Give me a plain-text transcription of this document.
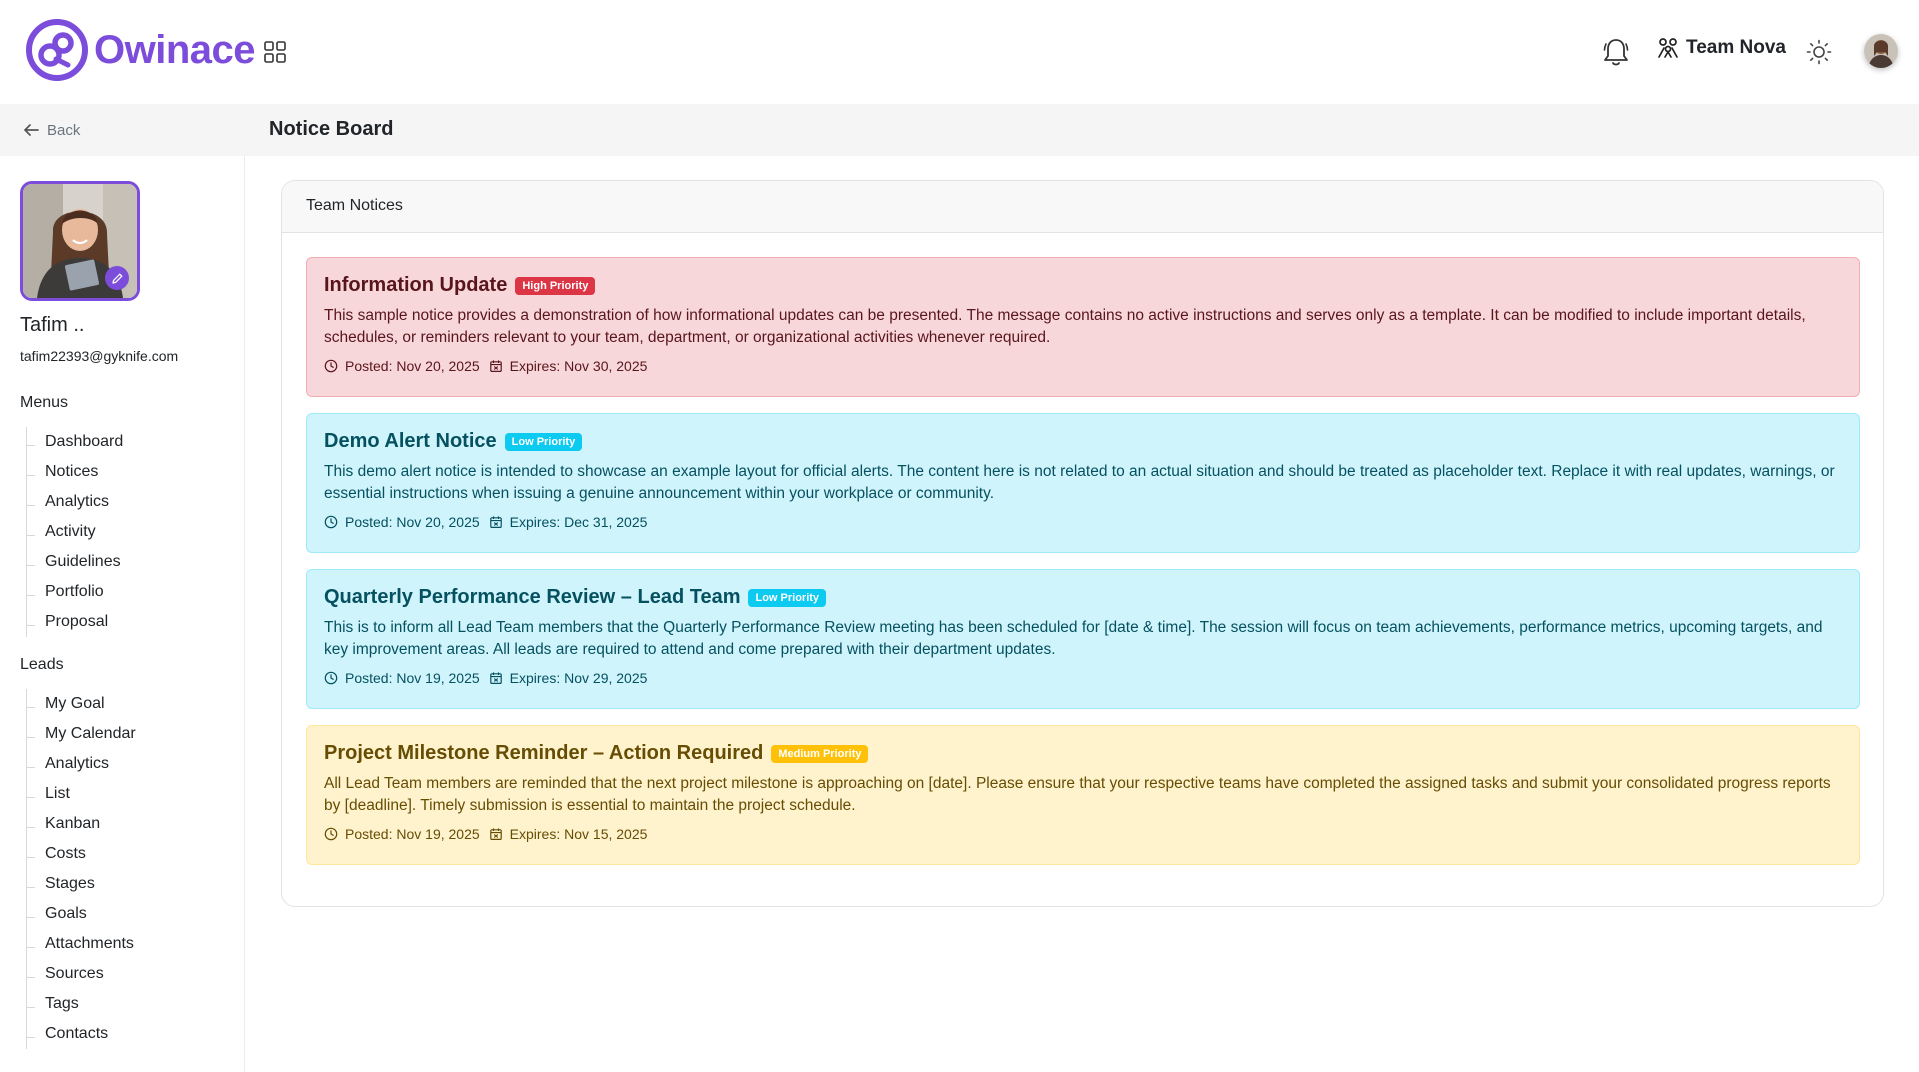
Owinace	Team Nova
Back	Notice Board
Tafim ..
tafim22393@gyknife.com
Menus
Dashboard
Notices
Analytics
Activity
Guidelines
Portfolio
Proposal
Leads
My Goal
My Calendar
Analytics
List
Kanban
Costs
Stages
Goals
Attachments
Sources
Tags
Contacts
Team Notices
Information Update	High Priority
This sample notice provides a demonstration of how informational updates can be presented. The message contains no active instructions and serves only as a template. It can be modified to include important details, schedules, or reminders relevant to your team, department, or organizational activities whenever required.
Posted: Nov 20, 2025 Expires: Nov 30, 2025
Demo Alert Notice	Low Priority
This demo alert notice is intended to showcase an example layout for official alerts. The content here is not related to an actual situation and should be treated as placeholder text. Replace it with real updates, warnings, or essential instructions when issuing a genuine announcement within your workplace or community.
Posted: Nov 20, 2025 Expires: Dec 31, 2025
Quarterly Performance Review – Lead Team	Low Priority
This is to inform all Lead Team members that the Quarterly Performance Review meeting has been scheduled for [date & time]. The session will focus on team achievements, performance metrics, upcoming targets, and key improvement areas. All leads are required to attend and come prepared with their department updates.
Posted: Nov 19, 2025 Expires: Nov 29, 2025
Project Milestone Reminder – Action Required	Medium Priority
All Lead Team members are reminded that the next project milestone is approaching on [date]. Please ensure that your respective teams have completed the assigned tasks and submit your consolidated progress reports by [deadline]. Timely submission is essential to maintain the project schedule.
Posted: Nov 19, 2025 Expires: Nov 15, 2025
